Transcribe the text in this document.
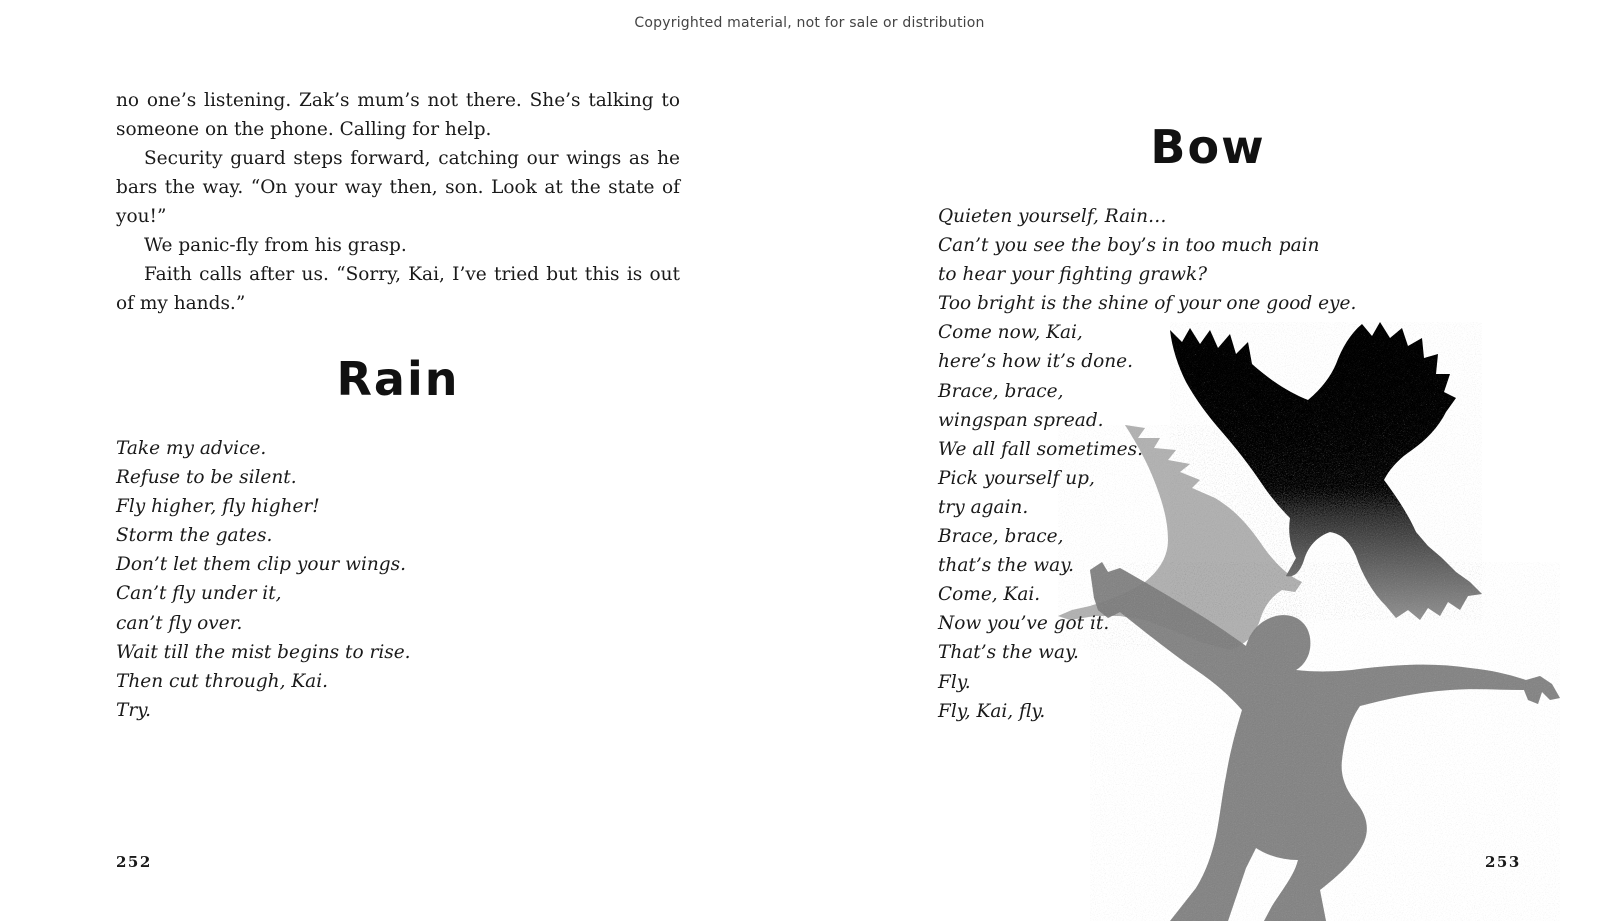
Copyrighted material, not for sale or distribution

no one’s listening. Zak’s mum’s not there. She’s talking to someone on the phone. Calling for help.

Security guard steps forward, catching our wings as he bars the way. “On your way then, son. Look at the state of you!”

We panic-fly from his grasp.

Faith calls after us. “Sorry, Kai, I’ve tried but this is out of my hands.”

Rain
Take my advice.
Refuse to be silent.
Fly higher, fly higher!
Storm the gates.
Don’t let them clip your wings.
Can’t fly under it,
can’t fly over.
Wait till the mist begins to rise.
Then cut through, Kai.
Try.
252
Bow
Quieten yourself, Rain…
Can’t you see the boy’s in too much pain
to hear your fighting grawk?
Too bright is the shine of your one good eye.
Come now, Kai,
here’s how it’s done.
Brace, brace,
wingspan spread.
We all fall sometimes.
Pick yourself up,
try again.
Brace, brace,
that’s the way.
Come, Kai.
Now you’ve got it.
That’s the way.
Fly.
Fly, Kai, fly.
253
